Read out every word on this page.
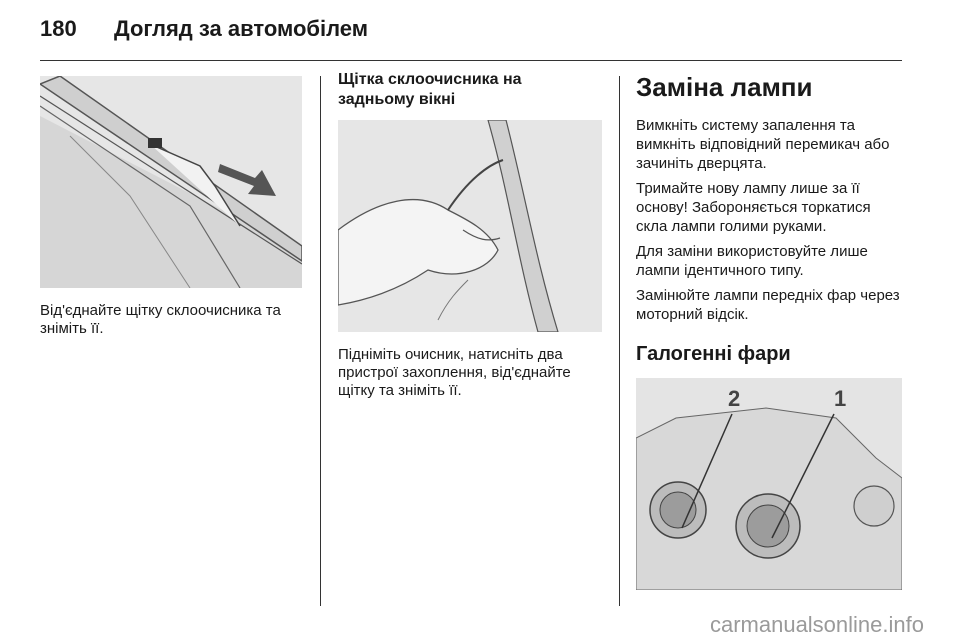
180 Догляд за автомобілем
Від'єднайте щітку склоочисника та зніміть її.
Щітка склоочисника на задньому вікні
Підніміть очисник, натисніть два пристрої захоплення, від'єднайте щітку та зніміть її.
Заміна лампи

Вимкніть систему запалення та вимкніть відповідний перемикач або зачиніть дверцята.

Тримайте нову лампу лише за її основу! Забороняється торкатися скла лампи голими руками.

Для заміни використовуйте лише лампи ідентичного типу.

Замінюйте лампи передніх фар через моторний відсік.

Галогенні фари
2	1
carmanualsonline.info
